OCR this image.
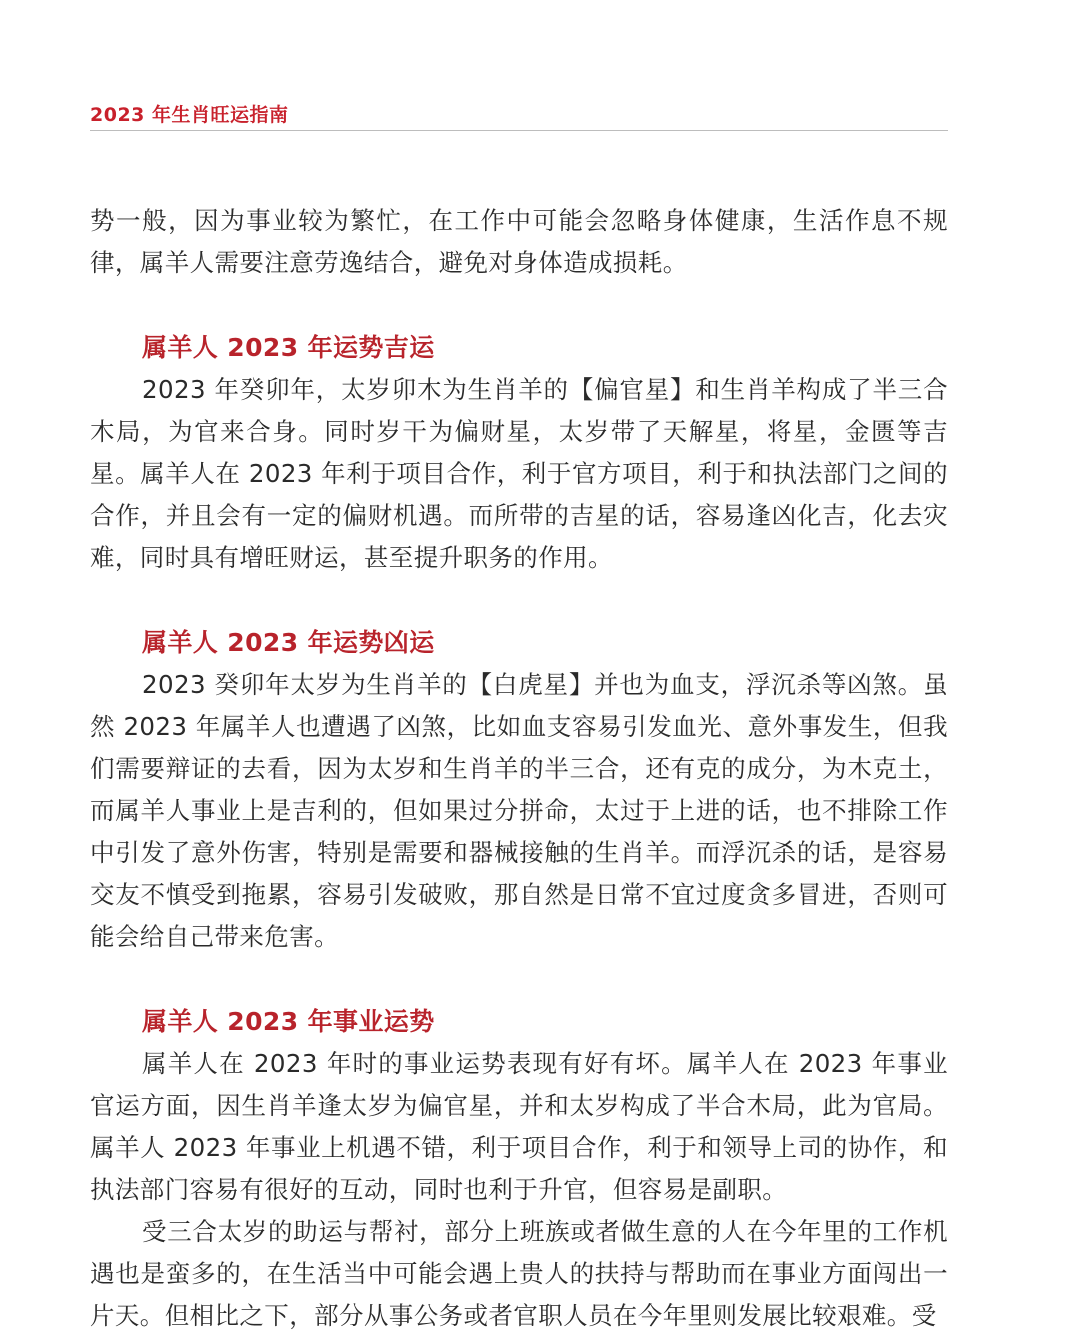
2023 年生肖旺运指南

势一般，因为事业较为繁忙，在工作中可能会忽略身体健康，生活作息不规律，属羊人需要注意劳逸结合，避免对身体造成损耗。

属羊人 2023 年运势吉运

2023 年癸卯年，太岁卯木为生肖羊的【偏官星】和生肖羊构成了半三合木局，为官来合身。同时岁干为偏财星，太岁带了天解星，将星，金匮等吉星。属羊人在 2023 年利于项目合作，利于官方项目，利于和执法部门之间的合作，并且会有一定的偏财机遇。而所带的吉星的话，容易逢凶化吉，化去灾难，同时具有增旺财运，甚至提升职务的作用。

属羊人 2023 年运势凶运

2023 癸卯年太岁为生肖羊的【白虎星】并也为血支，浮沉杀等凶煞。虽然 2023 年属羊人也遭遇了凶煞，比如血支容易引发血光、意外事发生，但我们需要辩证的去看，因为太岁和生肖羊的半三合，还有克的成分，为木克土，而属羊人事业上是吉利的，但如果过分拼命，太过于上进的话，也不排除工作中引发了意外伤害，特别是需要和器械接触的生肖羊。而浮沉杀的话，是容易交友不慎受到拖累，容易引发破败，那自然是日常不宜过度贪多冒进，否则可能会给自己带来危害。

属羊人 2023 年事业运势

属羊人在 2023 年时的事业运势表现有好有坏。属羊人在 2023 年事业官运方面，因生肖羊逢太岁为偏官星，并和太岁构成了半合木局，此为官局。属羊人 2023 年事业上机遇不错，利于项目合作，利于和领导上司的协作，和执法部门容易有很好的互动，同时也利于升官，但容易是副职。

受三合太岁的助运与帮衬，部分上班族或者做生意的人在今年里的工作机遇也是蛮多的，在生活当中可能会遇上贵人的扶持与帮助而在事业方面闯出一片天。但相比之下，部分从事公务或者官职人员在今年里则发展比较艰难。受
